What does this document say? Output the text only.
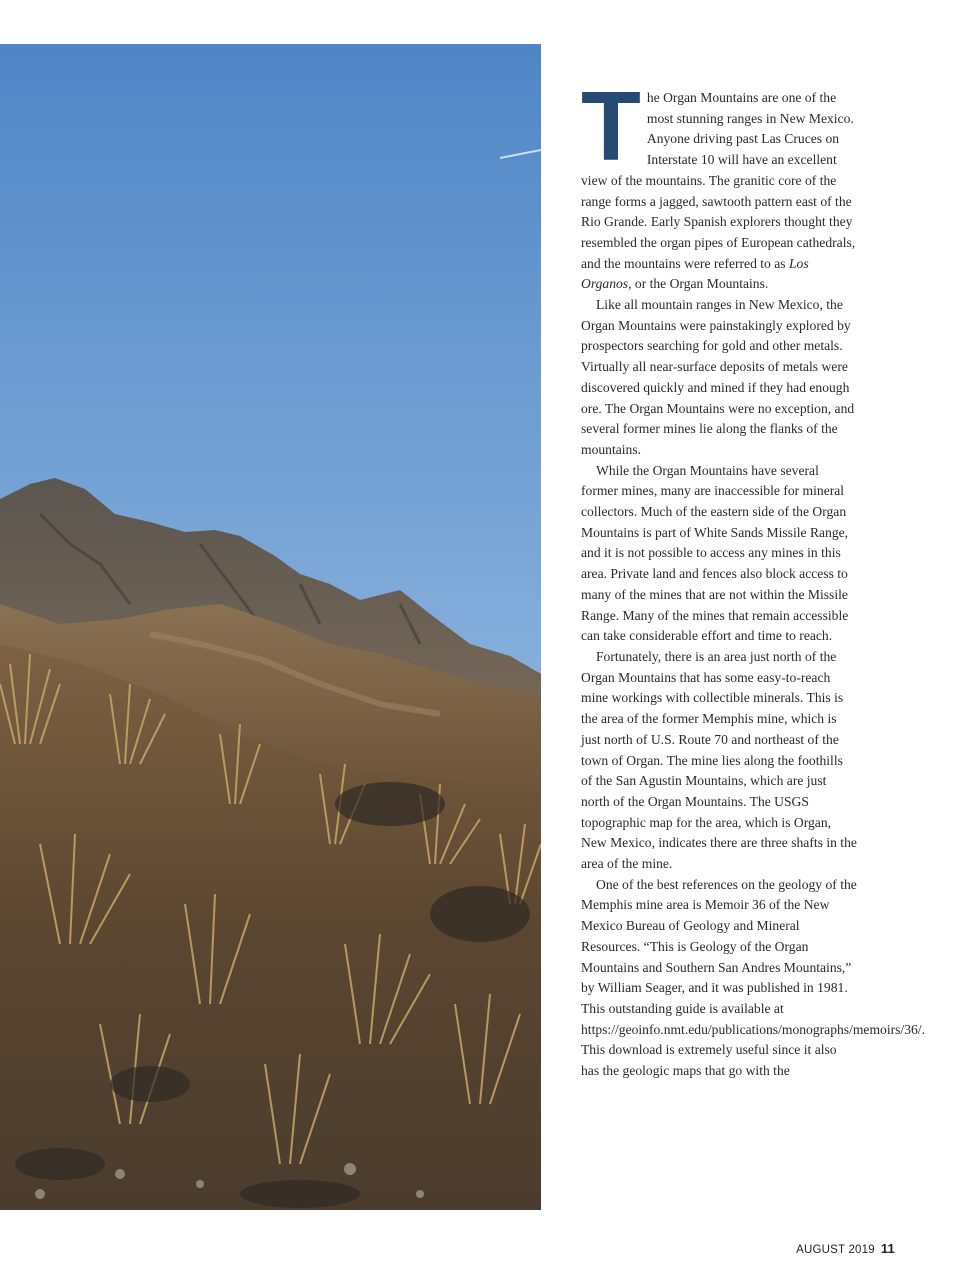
The Organ Mountains are one of the most stunning ranges in New Mexico. Anyone driving past Las Cruces on Interstate 10 will have an excellent view of the mountains. The granitic core of the range forms a jagged, sawtooth pattern east of the Rio Grande. Early Spanish explorers thought they resembled the organ pipes of European cathedrals, and the mountains were referred to as Los Organos, or the Organ Mountains.

Like all mountain ranges in New Mexico, the Organ Mountains were painstakingly explored by prospectors searching for gold and other metals. Virtually all near-surface deposits of metals were discovered quickly and mined if they had enough ore. The Organ Mountains were no exception, and several former mines lie along the flanks of the mountains.

While the Organ Mountains have several former mines, many are inaccessible for mineral collectors. Much of the eastern side of the Organ Mountains is part of White Sands Missile Range, and it is not possible to access any mines in this area. Private land and fences also block access to many of the mines that are not within the Missile Range. Many of the mines that remain accessible can take considerable effort and time to reach.

Fortunately, there is an area just north of the Organ Mountains that has some easy-to-reach mine workings with collectible minerals. This is the area of the former Memphis mine, which is just north of U.S. Route 70 and northeast of the town of Organ. The mine lies along the foothills of the San Agustin Mountains, which are just north of the Organ Mountains. The USGS topographic map for the area, which is Organ, New Mexico, indicates there are three shafts in the area of the mine.

One of the best references on the geology of the Memphis mine area is Memoir 36 of the New Mexico Bureau of Geology and Mineral Resources. “This is Geology of the Organ Mountains and Southern San Andres Mountains,” by William Seager, and it was published in 1981. This outstanding guide is available at https://geoinfo.nmt.edu/publications/monographs/memoirs/36/. This download is extremely useful since it also has the geologic maps that go with the

AUGUST 2019 11
